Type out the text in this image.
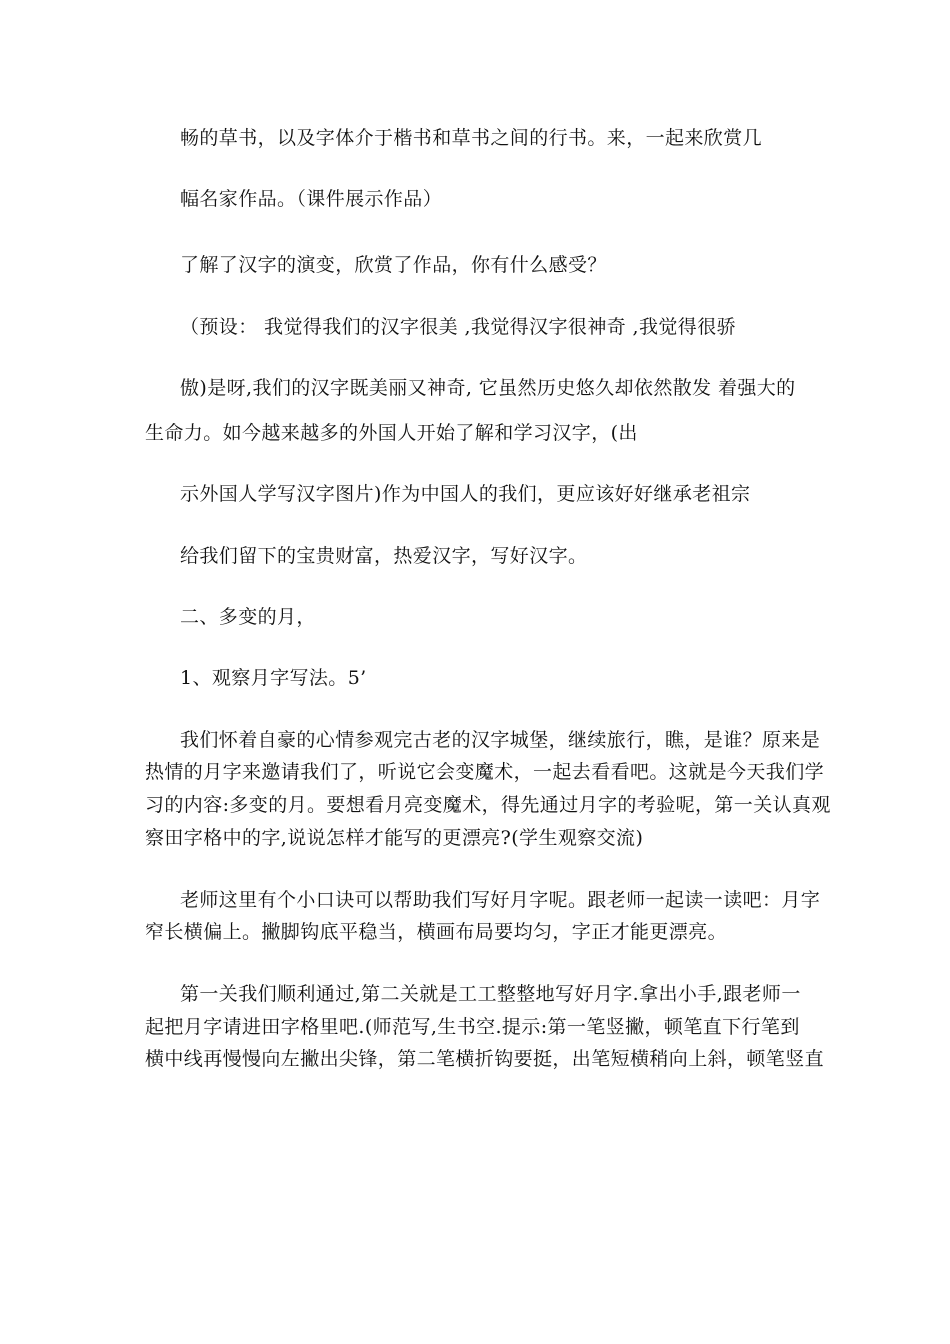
畅的草书，以及字体介于楷书和草书之间的行书。来，一起来欣赏几
幅名家作品。（课件展示作品）
了解了汉字的演变，欣赏了作品，你有什么感受？
（预设： 我觉得我们的汉字很美 ,我觉得汉字很神奇 ,我觉得很骄
傲)是呀,我们的汉字既美丽又神奇, 它虽然历史悠久却依然散发 着强大的
生命力。如今越来越多的外国人开始了解和学习汉字，(出
示外国人学写汉字图片)作为中国人的我们，更应该好好继承老祖宗
给我们留下的宝贵财富，热爱汉字，写好汉字。
二、多变的月，
1、观察月字写法。5’
我们怀着自豪的心情参观完古老的汉字城堡，继续旅行，瞧，是谁？原来是
热情的月字来邀请我们了，听说它会变魔术，一起去看看吧。这就是今天我们学
习的内容:多变的月。要想看月亮变魔术，得先通过月字的考验呢，第一关认真观
察田字格中的字,说说怎样才能写的更漂亮?(学生观察交流)
老师这里有个小口诀可以帮助我们写好月字呢。跟老师一起读一读吧：月字
窄长横偏上。撇脚钩底平稳当，横画布局要均匀，字正才能更漂亮。
第一关我们顺利通过,第二关就是工工整整地写好月字.拿出小手,跟老师一
起把月字请进田字格里吧.(师范写,生书空.提示:第一笔竖撇，顿笔直下行笔到
横中线再慢慢向左撇出尖锋，第二笔横折钩要挺，出笔短横稍向上斜，顿笔竖直
